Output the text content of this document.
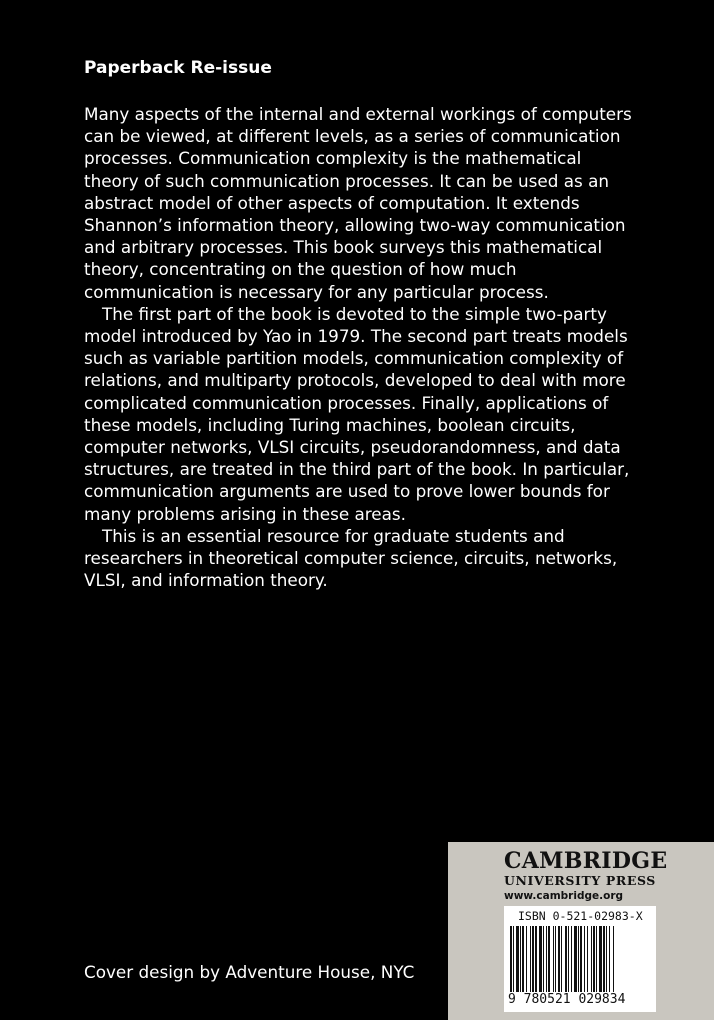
Paperback Re-issue

Many aspects of the internal and external workings of computers can be viewed, at different levels, as a series of communication processes. Communication complexity is the mathematical theory of such communication processes. It can be used as an abstract model of other aspects of computation. It extends Shannon’s information theory, allowing two-way communication and arbitrary processes. This book surveys this mathematical theory, concentrating on the question of how much communication is necessary for any particular process.

The first part of the book is devoted to the simple two-party model introduced by Yao in 1979. The second part treats models such as variable partition models, communication complexity of relations, and multiparty protocols, developed to deal with more complicated communication processes. Finally, applications of these models, including Turing machines, boolean circuits, computer networks, VLSI circuits, pseudorandomness, and data structures, are treated in the third part of the book. In particular, communication arguments are used to prove lower bounds for many problems arising in these areas.

This is an essential resource for graduate students and researchers in theoretical computer science, circuits, networks, VLSI, and information theory.

Cover design by Adventure House, NYC
CAMBRIDGE
UNIVERSITY PRESS
www.cambridge.org
ISBN 0-521-02983-X
9 780521 029834
